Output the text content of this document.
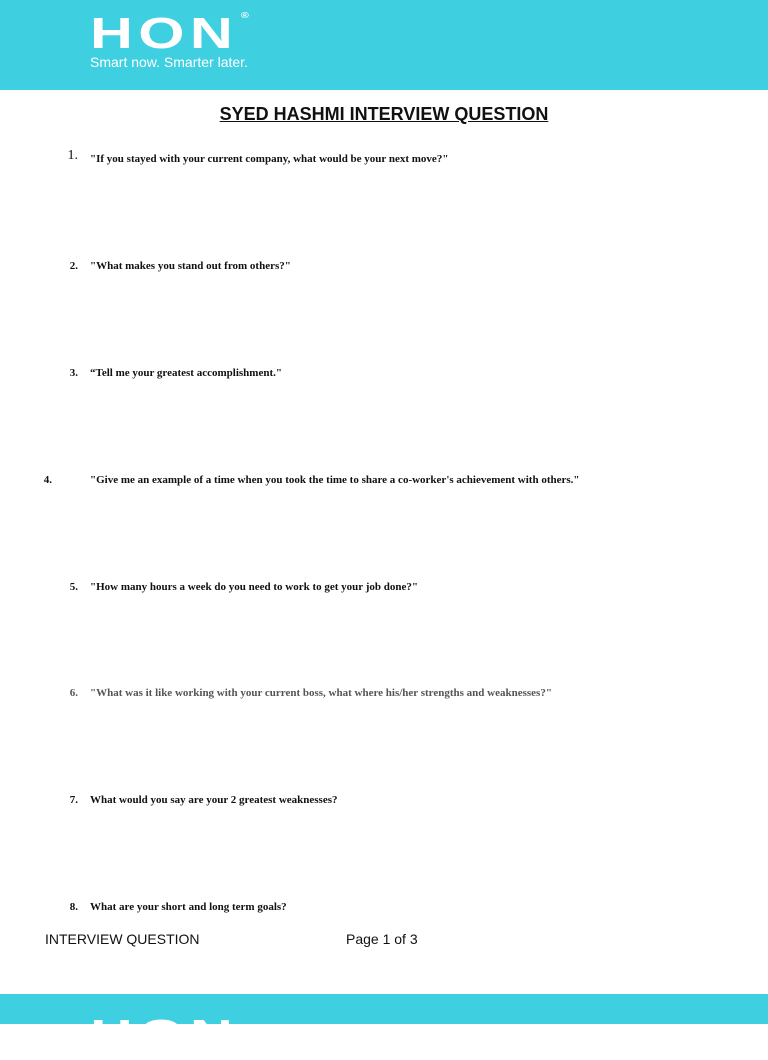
HON ®
Smart now. Smarter later.
SYED HASHMI INTERVIEW QUESTION
1. "If you stayed with your current company, what would be your next move?"
2. "What makes you stand out from others?"
3. “Tell me your greatest accomplishment."
4.	"Give me an example of a time when you took the time to share a co-worker's achievement with others."
5. "How many hours a week do you need to work to get your job done?"
6. "What was it like working with your current boss, what where his/her strengths and weaknesses?"
7. What would you say are your 2 greatest weaknesses?
8. What are your short and long term goals?
INTERVIEW QUESTION	Page 1 of 3
HON
